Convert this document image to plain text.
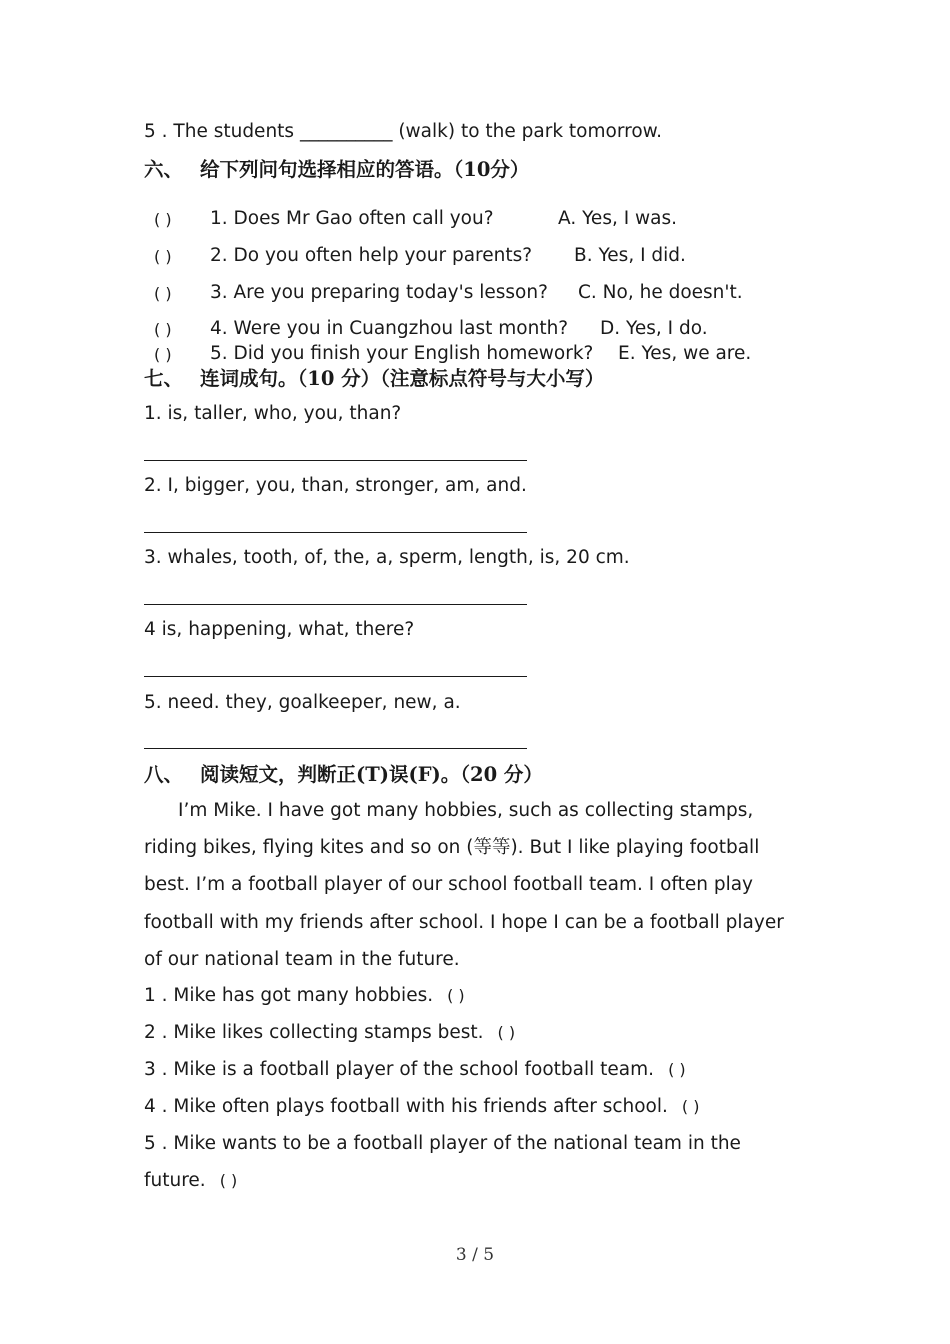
5 . The students __________ (walk) to the park tomorrow.
六、 给下列问句选择相应的答语。（10分）
( ) 1. Does Mr Gao often call you?	A. Yes, I was.
( ) 2. Do you often help your parents? B. Yes, I did.
( ) 3. Are you preparing today's lesson? C. No, he doesn't.
( ) 4. Were you in Cuangzhou last month? D. Yes, I do.
( ) 5. Did you finish your English homework? E. Yes, we are.
七、 连词成句。（10 分）（注意标点符号与大小写）
1. is, taller, who, you, than?
2. I, bigger, you, than, stronger, am, and.
3. whales, tooth, of, the, a, sperm, length, is, 20 cm.
4 is, happening, what, there?
5. need. they, goalkeeper, new, a.
八、 阅读短文，判断正(T)误(F)。（20 分）
I’m Mike. I have got many hobbies, such as collecting stamps,
riding bikes, flying kites and so on (等等). But I like playing football
best. I’m a football player of our school football team. I often play
football with my friends after school. I hope I can be a football player
of our national team in the future.
1 . Mike has got many hobbies. ( )
2 . Mike likes collecting stamps best. ( )
3 . Mike is a football player of the school football team. ( )
4 . Mike often plays football with his friends after school. ( )
5 . Mike wants to be a football player of the national team in the
future. ( )
3 / 5
